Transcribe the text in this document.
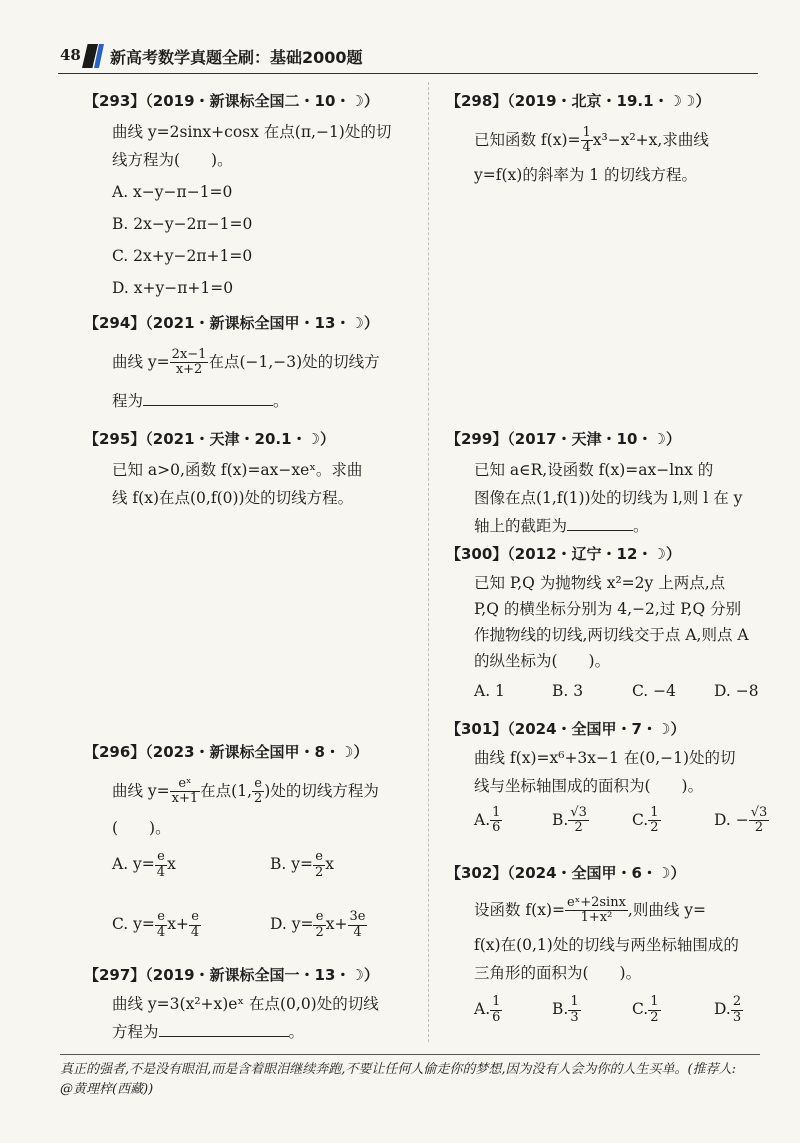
48 新高考数学真题全刷：基础2000题
【293】（2019・新课标全国二・10・☽）
曲线 y=2sinx+cosx 在点(π,−1)处的切
线方程为(　　)。
A. x−y−π−1=0
B. 2x−y−2π−1=0
C. 2x+y−2π+1=0
D. x+y−π+1=0
【294】（2021・新课标全国甲・13・☽）
曲线 $y= \frac{2x-1}{x+2}$ 在点(−1,−3)处的切线方
程为	。
【295】（2021・天津・20.1・☽）
已知 a>0,函数 f(x)=ax−xeˣ。求曲
线 f(x)在点(0,f(0))处的切线方程。
【296】（2023・新课标全国甲・8・☽）
曲线 $y= \frac{\text{eˣ}}{x+1}$ 在点(1, $\frac{e}{2}$ )处的切线方程为
(　　)。
A. $y= \frac{e}{4}$ x	B. $y= \frac{e}{2}$ x
C. $y= \frac{e}{4} x+ \frac{e}{4}$	D. $y= \frac{e}{2} x+ \frac{3e}{4}$
【297】（2019・新课标全国一・13・☽）
曲线 y=3(x²+x)eˣ 在点(0,0)处的切线
方程为	。
【298】（2019・北京・19.1・☽☽）
已知函数 $f(x)= \frac{1}{4} x^3-x^2+x$,求曲线
y=f(x)的斜率为 1 的切线方程。
【299】（2017・天津・10・☽）
已知 a∈R,设函数 f(x)=ax−lnx 的
图像在点(1,f(1))处的切线为 l,则 l 在 y
轴上的截距为	。
【300】（2012・辽宁・12・☽）
已知 P,Q 为抛物线 x²=2y 上两点,点
P,Q 的横坐标分别为 4,−2,过 P,Q 分别
作抛物线的切线,两切线交于点 A,则点 A
的纵坐标为(　　)。
A. 1	B. 3	C. −4 D. −8
【301】（2024・全国甲・7・☽）
曲线 f(x)=x⁶+3x−1 在(0,−1)处的切
线与坐标轴围成的面积为(　　)。
A. $\frac{1}{6}$	B. $\frac{√3}{2}$	C. $\frac{1}{2}$	D. − $\frac{√3}{2}$
【302】（2024・全国甲・6・☽）
设函数 $f(x)= \frac{\text{eˣ+2sinx}}{\text{1+x²}}$ ,则曲线 y=
f(x)在(0,1)处的切线与两坐标轴围成的
三角形的面积为(　　)。
A. $\frac{1}{6}$	B. $\frac{1}{3}$	C. $\frac{1}{2}$	D. $\frac{2}{3}$
真正的强者,不是没有眼泪,而是含着眼泪继续奔跑,不要让任何人偷走你的梦想,因为没有人会为你的人生买单。(推荐人:
@黄理梓(西藏))
